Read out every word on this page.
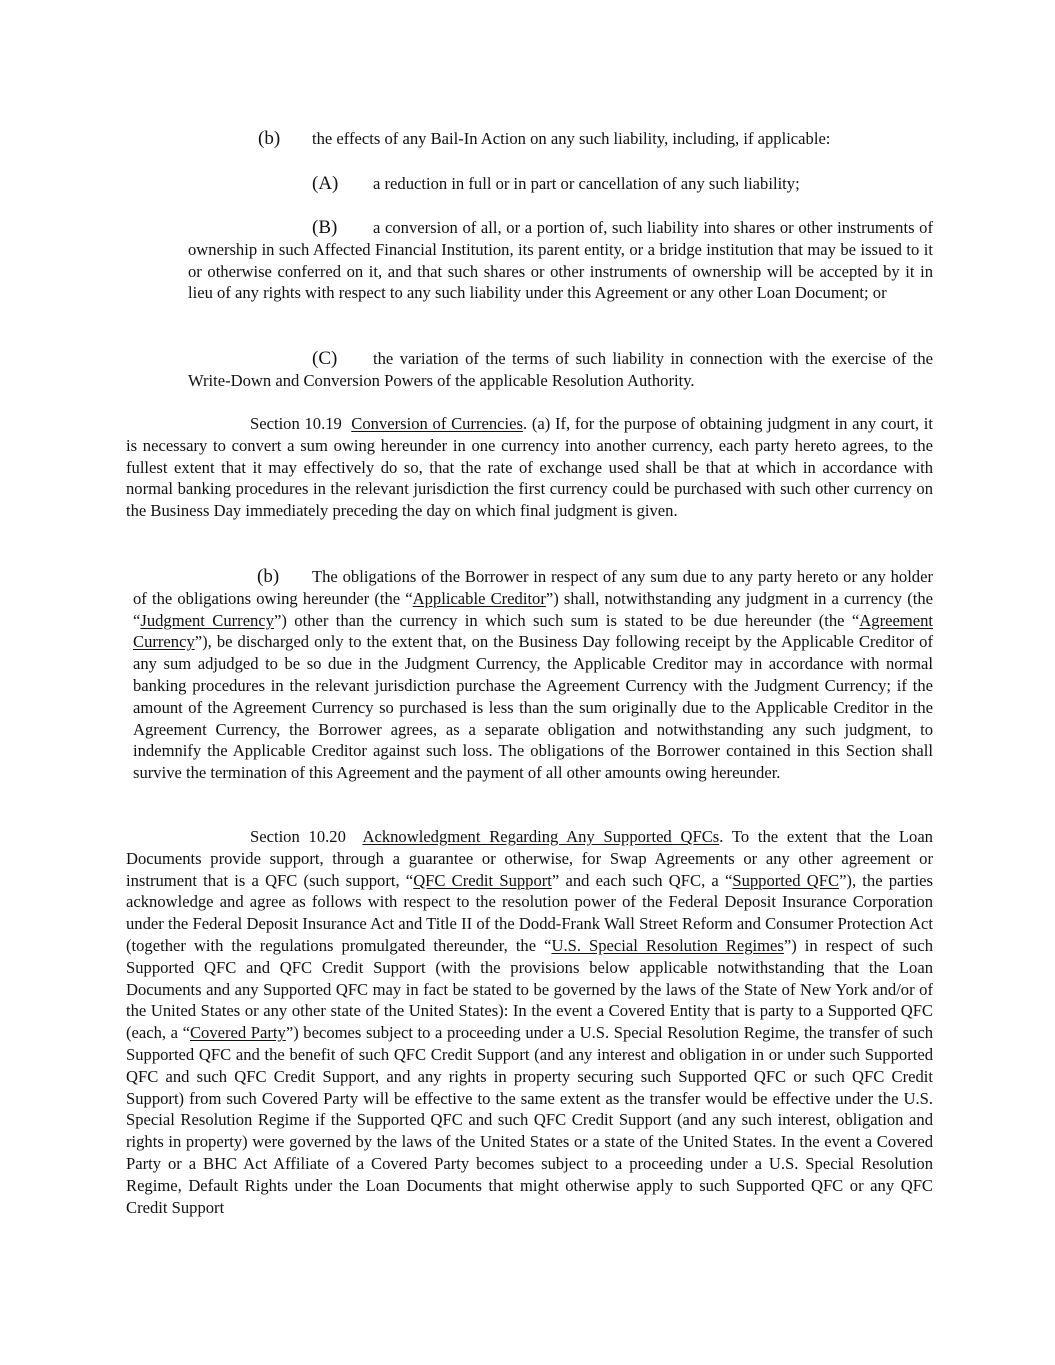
(b) the effects of any Bail-In Action on any such liability, including, if applicable:
(A) a reduction in full or in part or cancellation of any such liability;
(B) a conversion of all, or a portion of, such liability into shares or other instruments of ownership in such Affected Financial Institution, its parent entity, or a bridge institution that may be issued to it or otherwise conferred on it, and that such shares or other instruments of ownership will be accepted by it in lieu of any rights with respect to any such liability under this Agreement or any other Loan Document; or
(C) the variation of the terms of such liability in connection with the exercise of the Write-Down and Conversion Powers of the applicable Resolution Authority.
Section 10.19 Conversion of Currencies. (a) If, for the purpose of obtaining judgment in any court, it is necessary to convert a sum owing hereunder in one currency into another currency, each party hereto agrees, to the fullest extent that it may effectively do so, that the rate of exchange used shall be that at which in accordance with normal banking procedures in the relevant jurisdiction the first currency could be purchased with such other currency on the Business Day immediately preceding the day on which final judgment is given.
(b) The obligations of the Borrower in respect of any sum due to any party hereto or any holder of the obligations owing hereunder (the “Applicable Creditor”) shall, notwithstanding any judgment in a currency (the “Judgment Currency”) other than the currency in which such sum is stated to be due hereunder (the “Agreement Currency”), be discharged only to the extent that, on the Business Day following receipt by the Applicable Creditor of any sum adjudged to be so due in the Judgment Currency, the Applicable Creditor may in accordance with normal banking procedures in the relevant jurisdiction purchase the Agreement Currency with the Judgment Currency; if the amount of the Agreement Currency so purchased is less than the sum originally due to the Applicable Creditor in the Agreement Currency, the Borrower agrees, as a separate obligation and notwithstanding any such judgment, to indemnify the Applicable Creditor against such loss. The obligations of the Borrower contained in this Section shall survive the termination of this Agreement and the payment of all other amounts owing hereunder.
Section 10.20 Acknowledgment Regarding Any Supported QFCs. To the extent that the Loan Documents provide support, through a guarantee or otherwise, for Swap Agreements or any other agreement or instrument that is a QFC (such support, “QFC Credit Support” and each such QFC, a “Supported QFC”), the parties acknowledge and agree as follows with respect to the resolution power of the Federal Deposit Insurance Corporation under the Federal Deposit Insurance Act and Title II of the Dodd-Frank Wall Street Reform and Consumer Protection Act (together with the regulations promulgated thereunder, the “U.S. Special Resolution Regimes”) in respect of such Supported QFC and QFC Credit Support (with the provisions below applicable notwithstanding that the Loan Documents and any Supported QFC may in fact be stated to be governed by the laws of the State of New York and/or of the United States or any other state of the United States): In the event a Covered Entity that is party to a Supported QFC (each, a “Covered Party”) becomes subject to a proceeding under a U.S. Special Resolution Regime, the transfer of such Supported QFC and the benefit of such QFC Credit Support (and any interest and obligation in or under such Supported QFC and such QFC Credit Support, and any rights in property securing such Supported QFC or such QFC Credit Support) from such Covered Party will be effective to the same extent as the transfer would be effective under the U.S. Special Resolution Regime if the Supported QFC and such QFC Credit Support (and any such interest, obligation and rights in property) were governed by the laws of the United States or a state of the United States. In the event a Covered Party or a BHC Act Affiliate of a Covered Party becomes subject to a proceeding under a U.S. Special Resolution Regime, Default Rights under the Loan Documents that might otherwise apply to such Supported QFC or any QFC Credit Support
